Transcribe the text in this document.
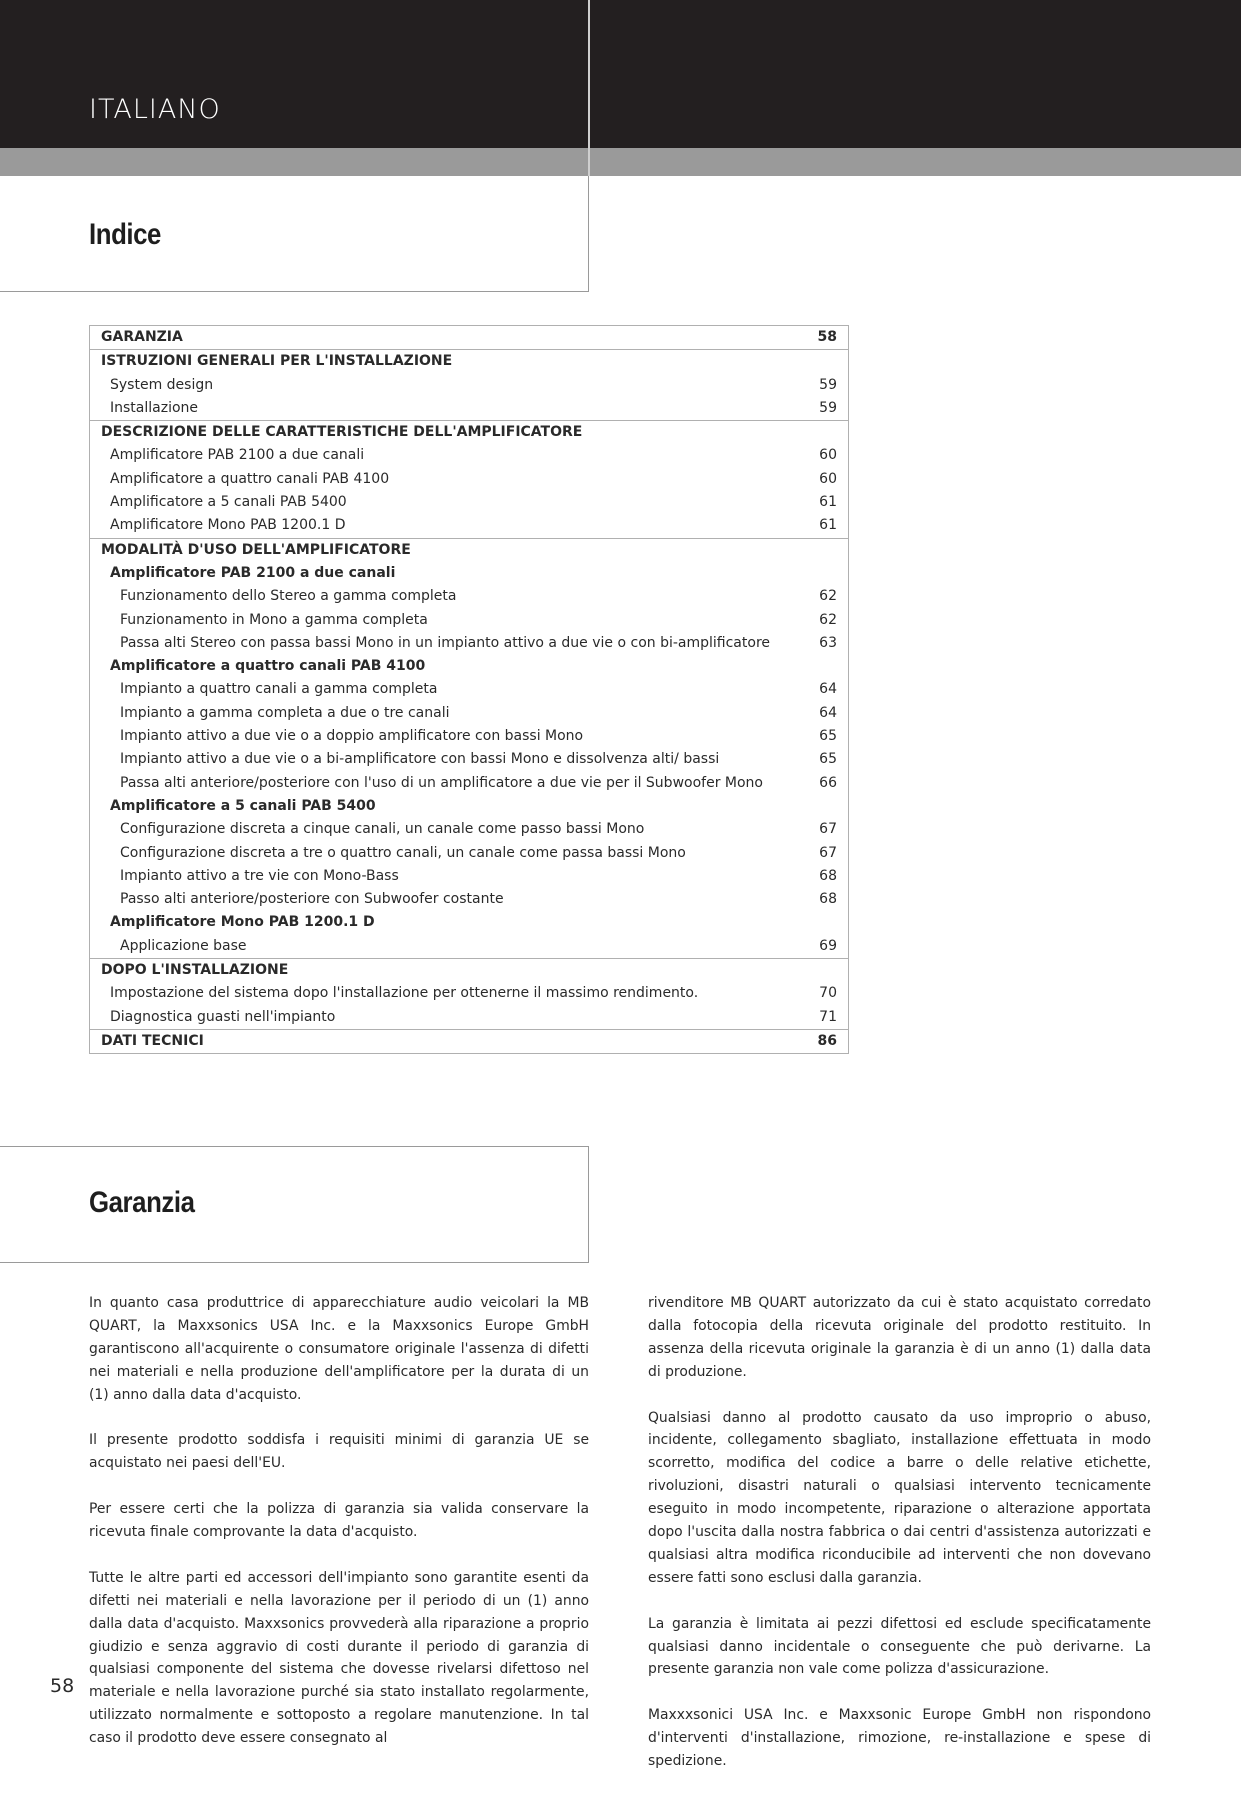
ITALIANO
Indice
GARANZIA	58
ISTRUZIONI GENERALI PER L'INSTALLAZIONE
System design	59
Installazione	59
DESCRIZIONE DELLE CARATTERISTICHE DELL'AMPLIFICATORE
Amplificatore PAB 2100 a due canali	60
Amplificatore a quattro canali PAB 4100	60
Amplificatore a 5 canali PAB 5400	61
Amplificatore Mono PAB 1200.1 D	61
MODALITÀ D'USO DELL'AMPLIFICATORE
Amplificatore PAB 2100 a due canali
Funzionamento dello Stereo a gamma completa	62
Funzionamento in Mono a gamma completa	62
Passa alti Stereo con passa bassi Mono in un impianto attivo a due vie o con bi-amplificatore	63
Amplificatore a quattro canali PAB 4100
Impianto a quattro canali a gamma completa	64
Impianto a gamma completa a due o tre canali	64
Impianto attivo a due vie o a doppio amplificatore con bassi Mono	65
Impianto attivo a due vie o a bi-amplificatore con bassi Mono e dissolvenza alti/ bassi	65
Passa alti anteriore/posteriore con l'uso di un amplificatore a due vie per il Subwoofer Mono	66
Amplificatore a 5 canali PAB 5400
Configurazione discreta a cinque canali, un canale come passo bassi Mono	67
Configurazione discreta a tre o quattro canali, un canale come passa bassi Mono	67
Impianto attivo a tre vie con Mono-Bass	68
Passo alti anteriore/posteriore con Subwoofer costante	68
Amplificatore Mono PAB 1200.1 D
Applicazione base	69
DOPO L'INSTALLAZIONE
Impostazione del sistema dopo l'installazione per ottenerne il massimo rendimento.	70
Diagnostica guasti nell'impianto	71
DATI TECNICI	86
Garanzia

In quanto casa produttrice di apparecchiature audio veicolari la MB QUART, la Maxxsonics USA Inc. e la Maxxsonics Europe GmbH garantiscono all'acquirente o consumatore originale l'assenza di difetti nei materiali e nella produzione dell'amplificatore per la durata di un (1) anno dalla data d'acquisto.

Il presente prodotto soddisfa i requisiti minimi di garanzia UE se acquistato nei paesi dell'EU.

Per essere certi che la polizza di garanzia sia valida conservare la ricevuta finale comprovante la data d'acquisto.

Tutte le altre parti ed accessori dell'impianto sono garantite esenti da difetti nei materiali e nella lavorazione per il periodo di un (1) anno dalla data d'acquisto. Maxxsonics provvederà alla riparazione a proprio giudizio e senza aggravio di costi durante il periodo di garanzia di qualsiasi componente del sistema che dovesse rivelarsi difettoso nel materiale e nella lavorazione purché sia stato installato regolarmente, utilizzato normalmente e sottoposto a regolare manutenzione. In tal caso il prodotto deve essere consegnato al

rivenditore MB QUART autorizzato da cui è stato acquistato corredato dalla fotocopia della ricevuta originale del prodotto restituito. In assenza della ricevuta originale la garanzia è di un anno (1) dalla data di produzione.

Qualsiasi danno al prodotto causato da uso improprio o abuso, incidente, collegamento sbagliato, installazione effettuata in modo scorretto, modifica del codice a barre o delle relative etichette, rivoluzioni, disastri naturali o qualsiasi intervento tecnicamente eseguito in modo incompetente, riparazione o alterazione apportata dopo l'uscita dalla nostra fabbrica o dai centri d'assistenza autorizzati e qualsiasi altra modifica riconducibile ad interventi che non dovevano essere fatti sono esclusi dalla garanzia.

La garanzia è limitata ai pezzi difettosi ed esclude specificatamente qualsiasi danno incidentale o conseguente che può derivarne. La presente garanzia non vale come polizza d'assicurazione.

Maxxxsonici USA Inc. e Maxxsonic Europe GmbH non rispondono d'interventi d'installazione, rimozione, re-installazione e spese di spedizione.

58
